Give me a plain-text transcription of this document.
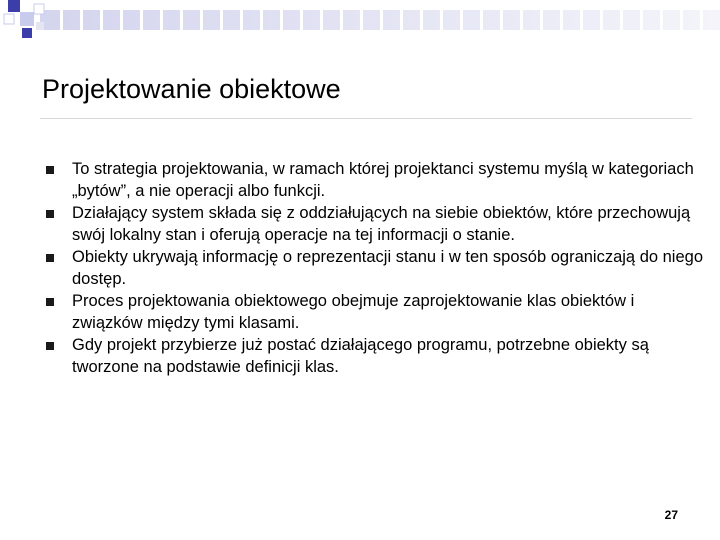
Projektowanie obiektowe
To strategia projektowania, w ramach której projektanci systemu myślą w kategoriach „bytów”, a nie operacji albo funkcji.
Działający system składa się z oddziałujących na siebie obiektów, które przechowują swój lokalny stan i oferują operacje na tej informacji o stanie.
Obiekty ukrywają informację o reprezentacji stanu i w ten sposób ograniczają do niego dostęp.
Proces projektowania obiektowego obejmuje zaprojektowanie klas obiektów i związków między tymi klasami.
Gdy projekt przybierze już postać działającego programu, potrzebne obiekty są tworzone na podstawie definicji klas.
27
